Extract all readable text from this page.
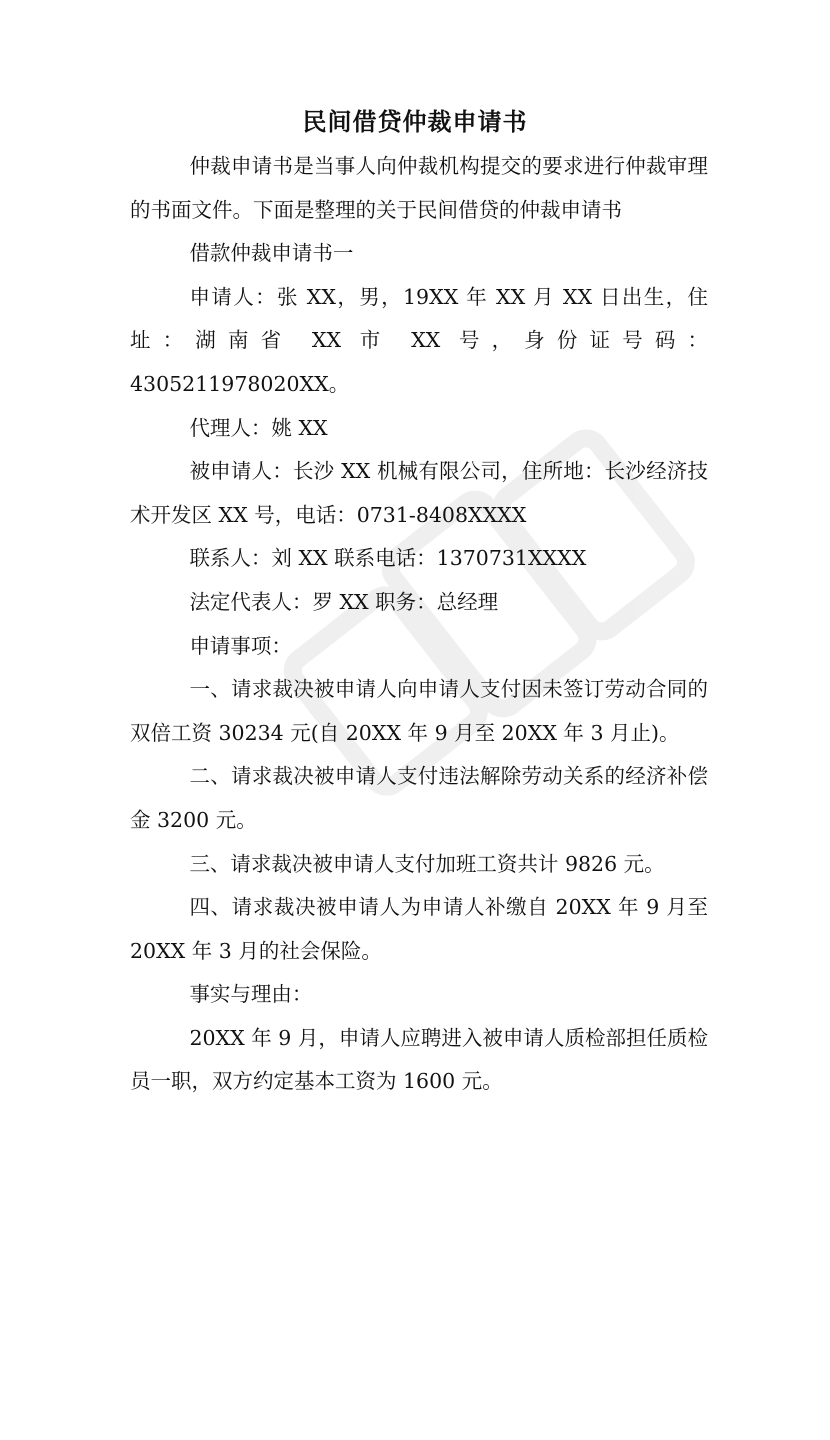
民间借贷仲裁申请书

仲裁申请书是当事人向仲裁机构提交的要求进行仲裁审理的书面文件。下面是整理的关于民间借贷的仲裁申请书

借款仲裁申请书一

申请人：张 XX，男，19XX 年 XX 月 XX 日出生，住址：湖南省 XX 市 XX 号，身份证号码：4305211978020XX。

代理人：姚 XX

被申请人：长沙 XX 机械有限公司，住所地：长沙经济技术开发区 XX 号，电话：0731-8408XXXX

联系人：刘 XX 联系电话：1370731XXXX

法定代表人：罗 XX 职务：总经理

申请事项：

一、请求裁决被申请人向申请人支付因未签订劳动合同的双倍工资 30234 元(自 20XX 年 9 月至 20XX 年 3 月止)。

二、请求裁决被申请人支付违法解除劳动关系的经济补偿金 3200 元。

三、请求裁决被申请人支付加班工资共计 9826 元。

四、请求裁决被申请人为申请人补缴自 20XX 年 9 月至 20XX 年 3 月的社会保险。

事实与理由：

20XX 年 9 月，申请人应聘进入被申请人质检部担任质检员一职，双方约定基本工资为 1600 元。
